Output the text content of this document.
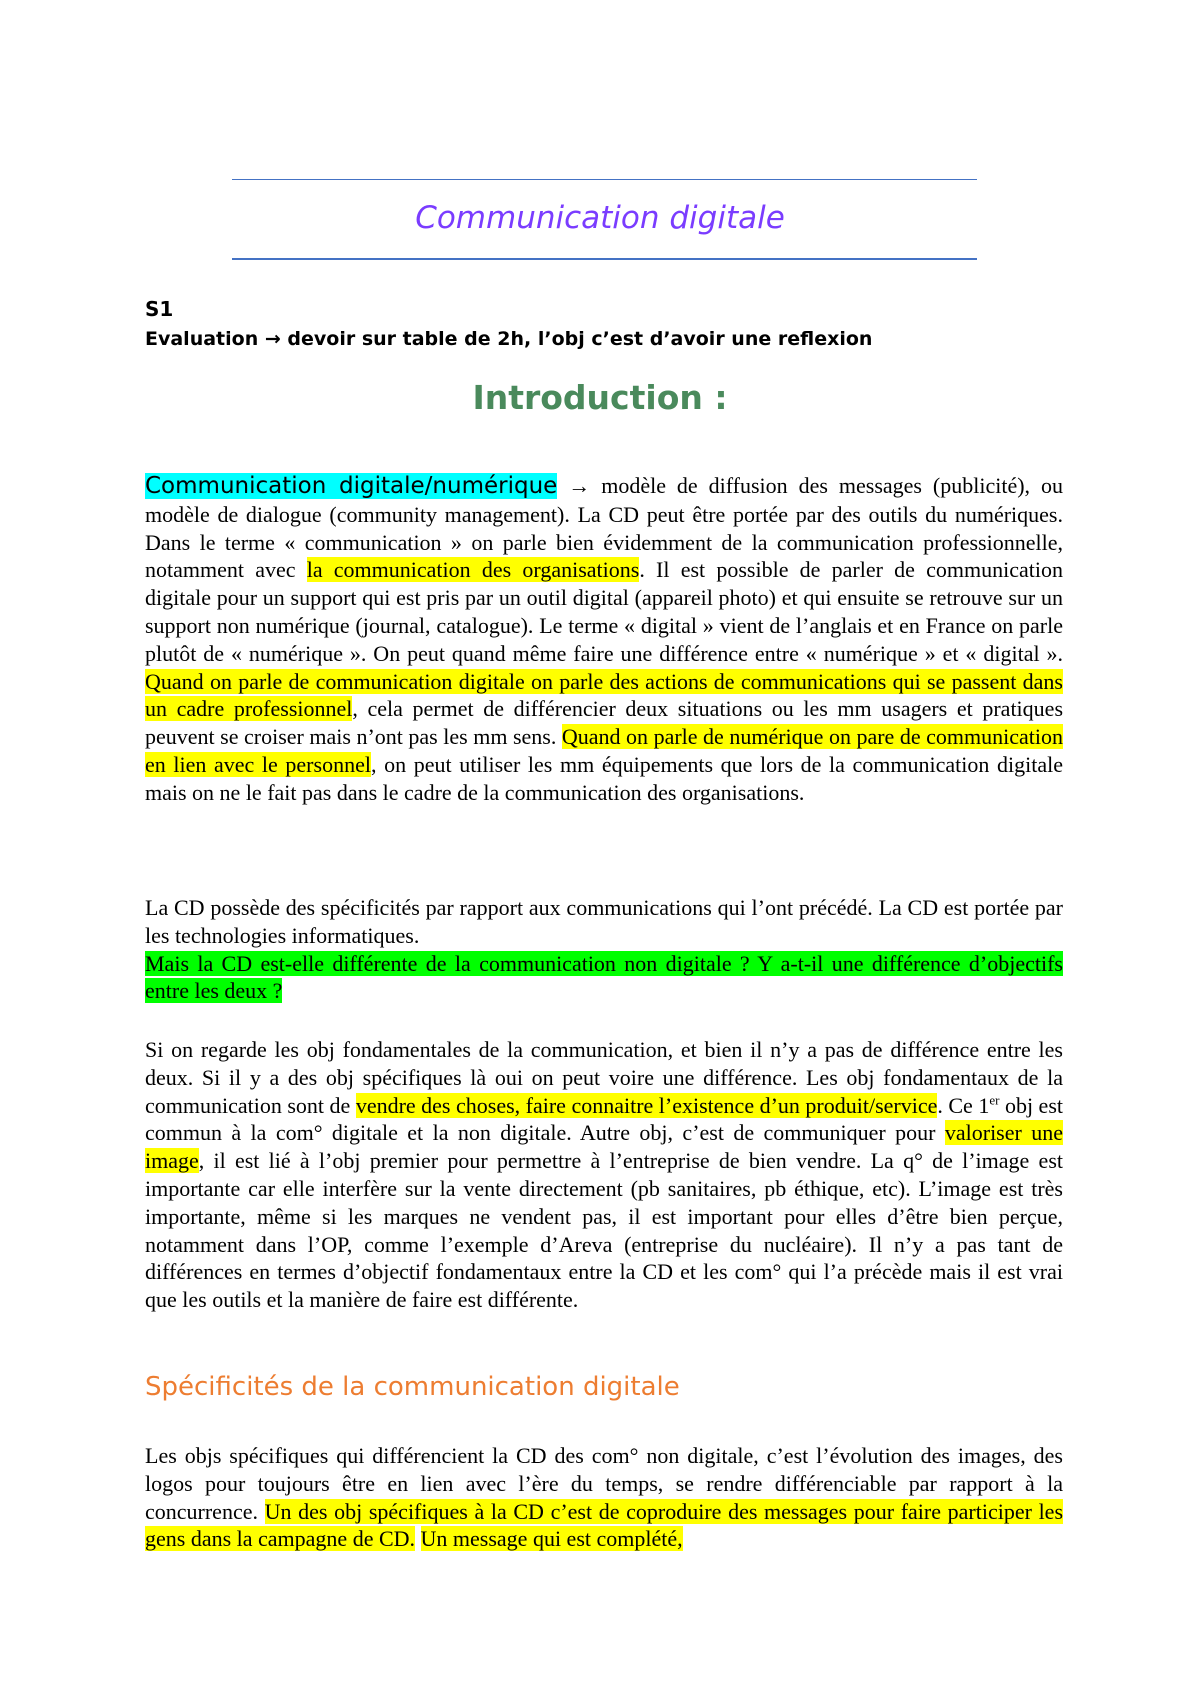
Communication digitale
S1
Evaluation → devoir sur table de 2h, l’obj c’est d’avoir une reflexion
Introduction :
Communication digitale/numérique → modèle de diffusion des messages (publicité), ou modèle de dialogue (community management). La CD peut être portée par des outils du numériques. Dans le terme « communication » on parle bien évidemment de la communication professionnelle, notamment avec la communication des organisations. Il est possible de parler de communication digitale pour un support qui est pris par un outil digital (appareil photo) et qui ensuite se retrouve sur un support non numérique (journal, catalogue). Le terme « digital » vient de l’anglais et en France on parle plutôt de « numérique ». On peut quand même faire une différence entre « numérique » et « digital ». Quand on parle de communication digitale on parle des actions de communications qui se passent dans un cadre professionnel, cela permet de différencier deux situations ou les mm usagers et pratiques peuvent se croiser mais n’ont pas les mm sens. Quand on parle de numérique on pare de communication en lien avec le personnel, on peut utiliser les mm équipements que lors de la communication digitale mais on ne le fait pas dans le cadre de la communication des organisations.
La CD possède des spécificités par rapport aux communications qui l’ont précédé. La CD est portée par les technologies informatiques.
Mais la CD est-elle différente de la communication non digitale ? Y a-t-il une différence d’objectifs entre les deux ?
Si on regarde les obj fondamentales de la communication, et bien il n’y a pas de différence entre les deux. Si il y a des obj spécifiques là oui on peut voire une différence. Les obj fondamentaux de la communication sont de vendre des choses, faire connaitre l’existence d’un produit/service. Ce 1er obj est commun à la com° digitale et la non digitale. Autre obj, c’est de communiquer pour valoriser une image, il est lié à l’obj premier pour permettre à l’entreprise de bien vendre. La q° de l’image est importante car elle interfère sur la vente directement (pb sanitaires, pb éthique, etc). L’image est très importante, même si les marques ne vendent pas, il est important pour elles d’être bien perçue, notamment dans l’OP, comme l’exemple d’Areva (entreprise du nucléaire). Il n’y a pas tant de différences en termes d’objectif fondamentaux entre la CD et les com° qui l’a précède mais il est vrai que les outils et la manière de faire est différente.
Spécificités de la communication digitale
Les objs spécifiques qui différencient la CD des com° non digitale, c’est l’évolution des images, des logos pour toujours être en lien avec l’ère du temps, se rendre différenciable par rapport à la concurrence. Un des obj spécifiques à la CD c’est de coproduire des messages pour faire participer les gens dans la campagne de CD. Un message qui est complété,
